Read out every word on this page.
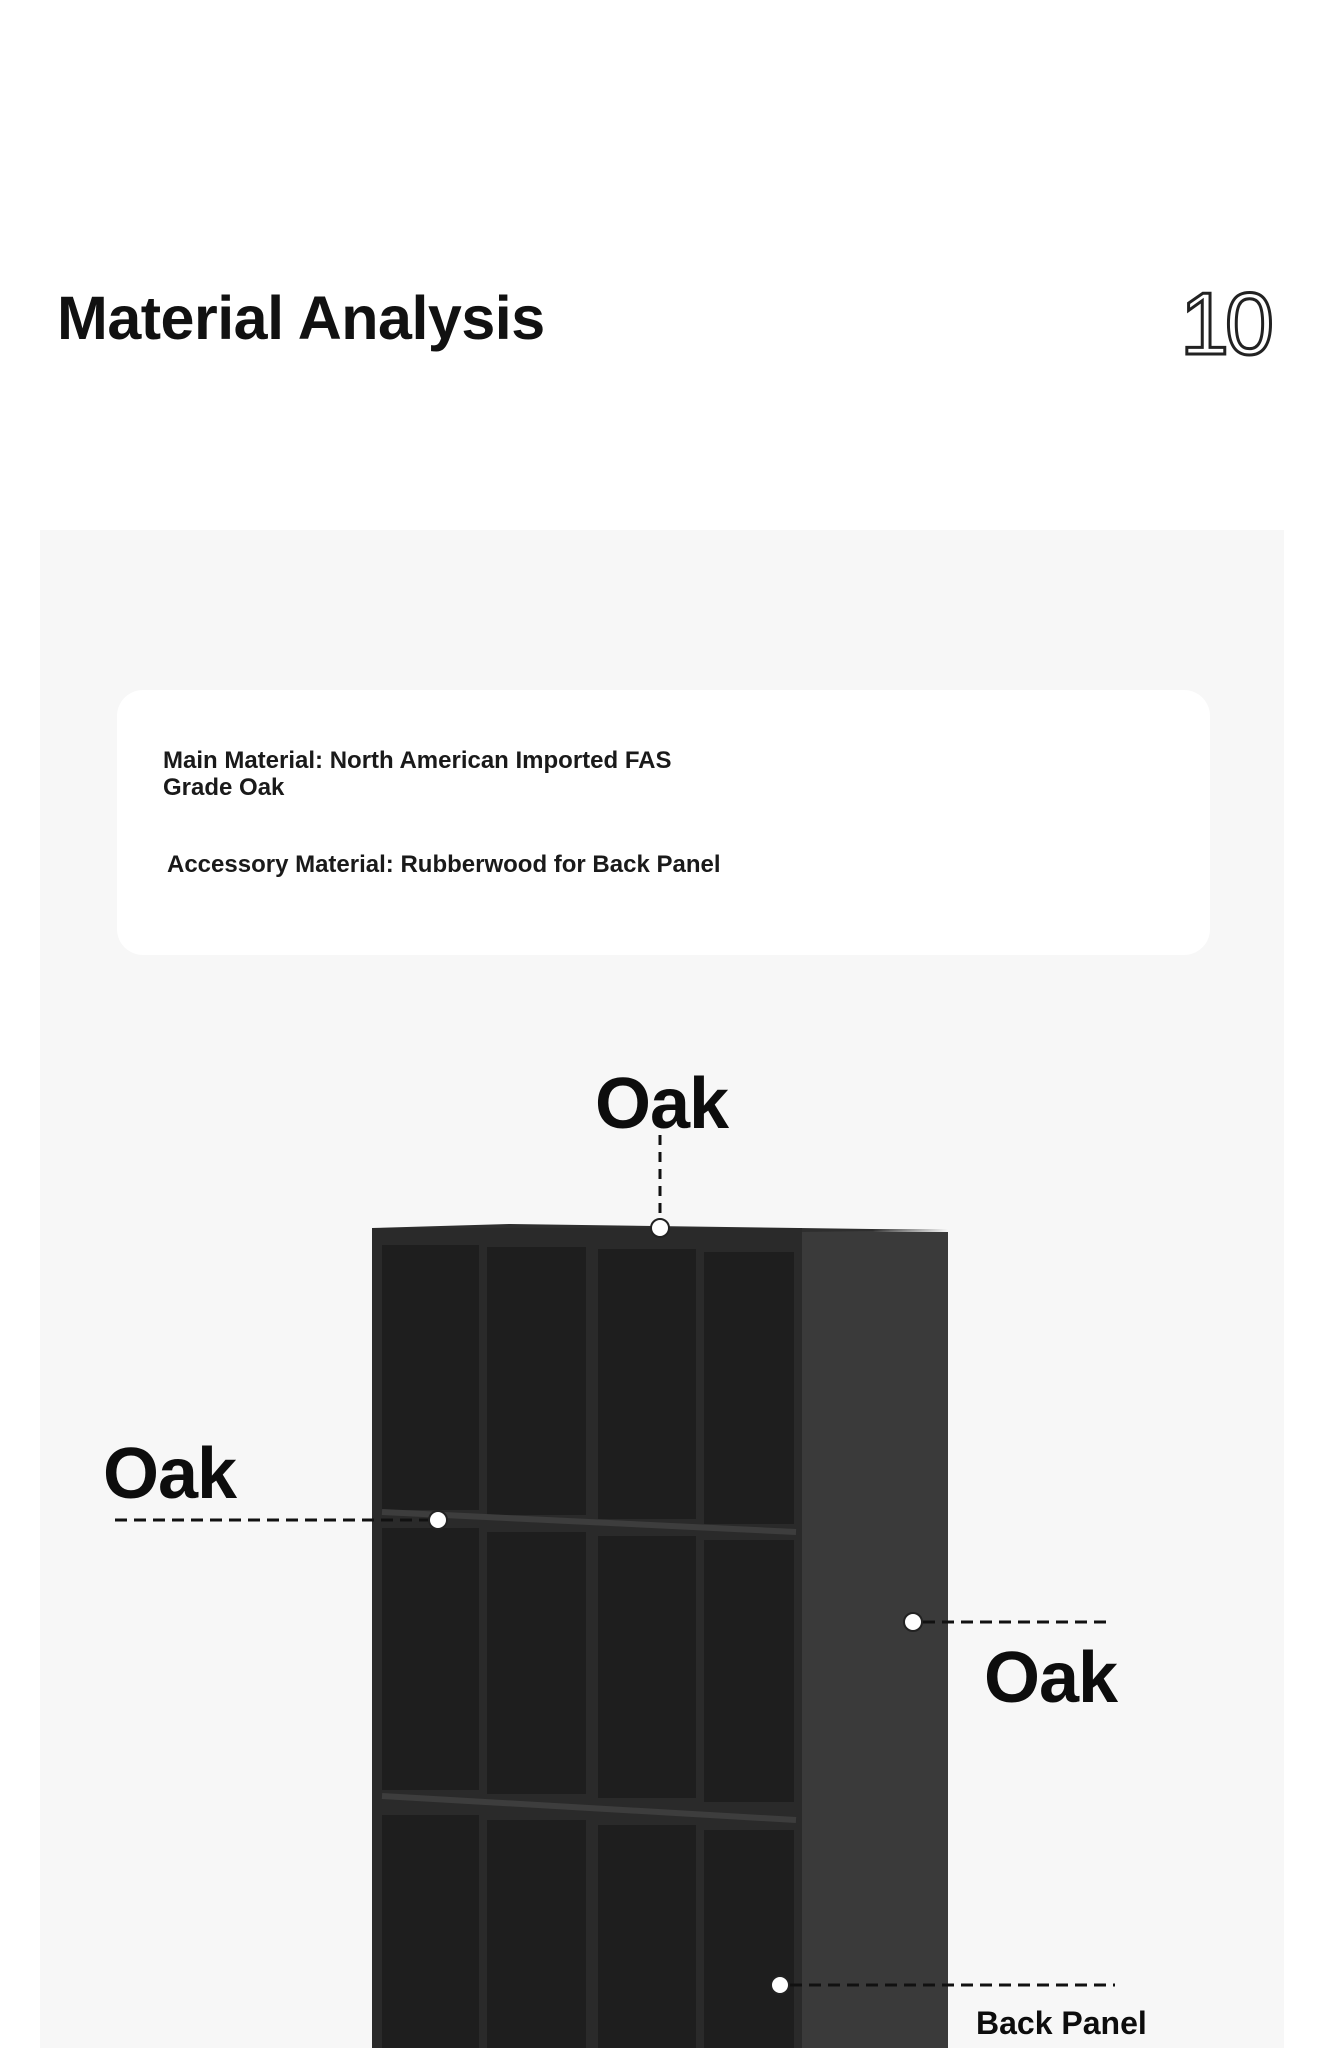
Material Analysis	10

Main Material: North American Imported FAS Grade Oak

Accessory Material: Rubberwood for Back Panel

Oak
Oak
Oak
Back Panel
